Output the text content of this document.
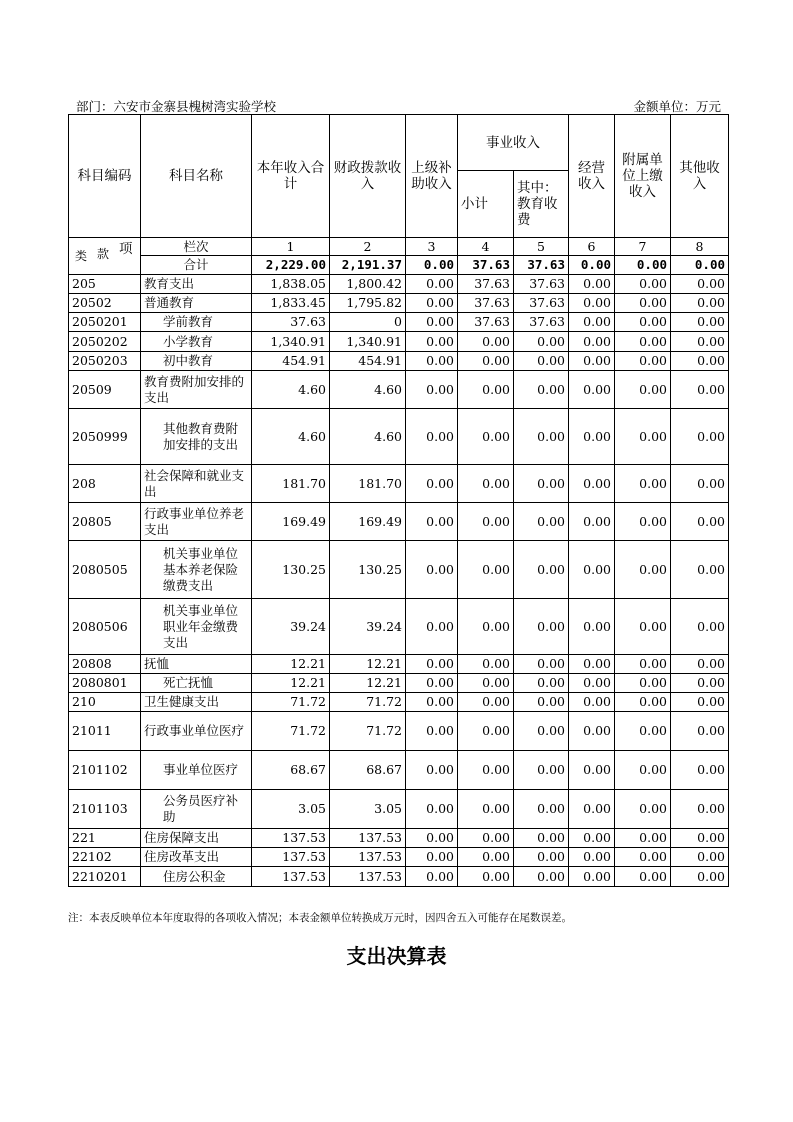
部门：六安市金寨县槐树湾实验学校	金额单位：万元
科目编码	科目名称	本年收入合计	财政拨款收入	上级补助收入	事业收入		经营收入	附属单位上缴收入	其他收入
					小计	其中：教育收费			

类 款 项	栏次	1	2	3	4	5	6	7	8
	合计	2,229.00	2,191.37	0.00	37.63	37.63	0.00	0.00	0.00
205	教育支出	1,838.05	1,800.42	0.00	37.63	37.63	0.00	0.00	0.00
20502	普通教育	1,833.45	1,795.82	0.00	37.63	37.63	0.00	0.00	0.00
2050201	学前教育	37.63	0	0.00	37.63	37.63	0.00	0.00	0.00
2050202	小学教育	1,340.91	1,340.91	0.00	0.00	0.00	0.00	0.00	0.00
2050203	初中教育	454.91	454.91	0.00	0.00	0.00	0.00	0.00	0.00
20509	教育费附加安排的支出	4.60	4.60	0.00	0.00	0.00	0.00	0.00	0.00
2050999	其他教育费附加安排的支出	4.60	4.60	0.00	0.00	0.00	0.00	0.00	0.00
208	社会保障和就业支出	181.70	181.70	0.00	0.00	0.00	0.00	0.00	0.00
20805	行政事业单位养老支出	169.49	169.49	0.00	0.00	0.00	0.00	0.00	0.00
2080505	机关事业单位基本养老保险缴费支出	130.25	130.25	0.00	0.00	0.00	0.00	0.00	0.00
2080506	机关事业单位职业年金缴费支出	39.24	39.24	0.00	0.00	0.00	0.00	0.00	0.00
20808	抚恤	12.21	12.21	0.00	0.00	0.00	0.00	0.00	0.00
2080801	死亡抚恤	12.21	12.21	0.00	0.00	0.00	0.00	0.00	0.00
210	卫生健康支出	71.72	71.72	0.00	0.00	0.00	0.00	0.00	0.00
21011	行政事业单位医疗	71.72	71.72	0.00	0.00	0.00	0.00	0.00	0.00
2101102	事业单位医疗	68.67	68.67	0.00	0.00	0.00	0.00	0.00	0.00
2101103	公务员医疗补助	3.05	3.05	0.00	0.00	0.00	0.00	0.00	0.00
221	住房保障支出	137.53	137.53	0.00	0.00	0.00	0.00	0.00	0.00
22102	住房改革支出	137.53	137.53	0.00	0.00	0.00	0.00	0.00	0.00
2210201	住房公积金	137.53	137.53	0.00	0.00	0.00	0.00	0.00	0.00
注：本表反映单位本年度取得的各项收入情况；本表金额单位转换成万元时，因四舍五入可能存在尾数误差。
支出决算表
